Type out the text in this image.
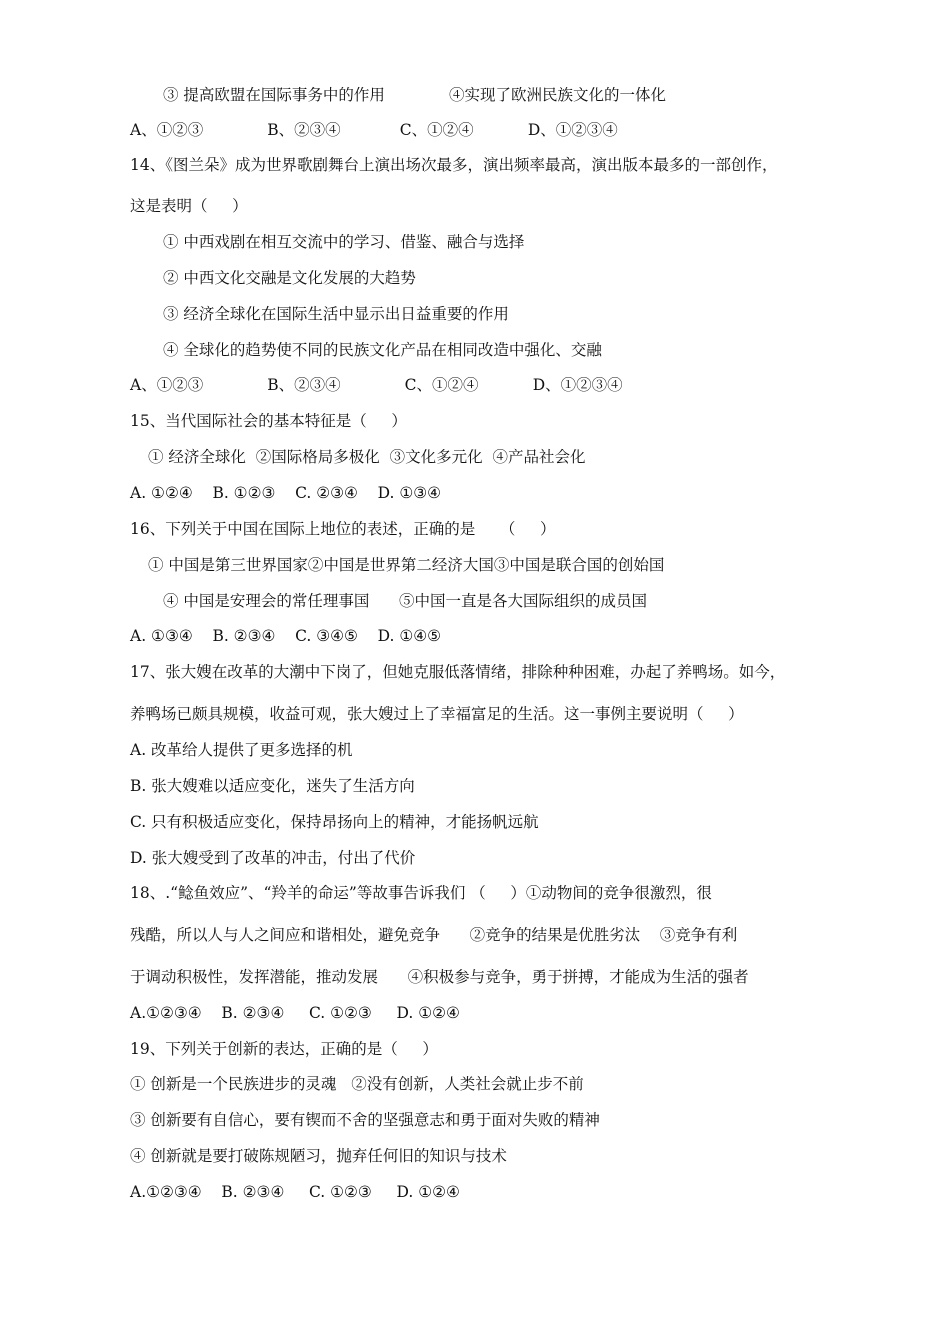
③ 提高欧盟在国际事务中的作用             ④实现了欧洲民族文化的一体化
A、①②③             B、②③④            C、①②④           D、①②③④
14、《图兰朵》成为世界歌剧舞台上演出场次最多，演出频率最高，演出版本最多的一部创作，
这是表明（     ）
① 中西戏剧在相互交流中的学习、借鉴、融合与选择
② 中西文化交融是文化发展的大趋势
③ 经济全球化在国际生活中显示出日益重要的作用
④ 全球化的趋势使不同的民族文化产品在相同改造中强化、交融
A、①②③             B、②③④             C、①②④           D、①②③④
15、当代国际社会的基本特征是（     ）
① 经济全球化  ②国际格局多极化  ③文化多元化  ④产品社会化
A. ①②④    B. ①②③    C. ②③④    D. ①③④
16、下列关于中国在国际上地位的表述，正确的是     （     ）
① 中国是第三世界国家②中国是世界第二经济大国③中国是联合国的创始国
④ 中国是安理会的常任理事国      ⑤中国一直是各大国际组织的成员国
A. ①③④    B. ②③④    C. ③④⑤    D. ①④⑤
17、张大嫂在改革的大潮中下岗了，但她克服低落情绪，排除种种困难，办起了养鸭场。如今，
养鸭场已颇具规模，收益可观，张大嫂过上了幸福富足的生活。这一事例主要说明（     ）
A. 改革给人提供了更多选择的机
B. 张大嫂难以适应变化，迷失了生活方向
C. 只有积极适应变化，保持昂扬向上的精神，才能扬帆远航
D. 张大嫂受到了改革的冲击，付出了代价
18、.“鲶鱼效应”、“羚羊的命运”等故事告诉我们 （     ）①动物间的竞争很激烈，很
残酷，所以人与人之间应和谐相处，避免竞争      ②竞争的结果是优胜劣汰    ③竞争有利
于调动积极性，发挥潜能，推动发展      ④积极参与竞争，勇于拼搏，才能成为生活的强者
A.①②③④    B. ②③④     C. ①②③     D. ①②④
19、下列关于创新的表达，正确的是（     ）
① 创新是一个民族进步的灵魂   ②没有创新，人类社会就止步不前
③ 创新要有自信心，要有锲而不舍的坚强意志和勇于面对失败的精神
④ 创新就是要打破陈规陋习，抛弃任何旧的知识与技术
A.①②③④    B. ②③④     C. ①②③     D. ①②④
